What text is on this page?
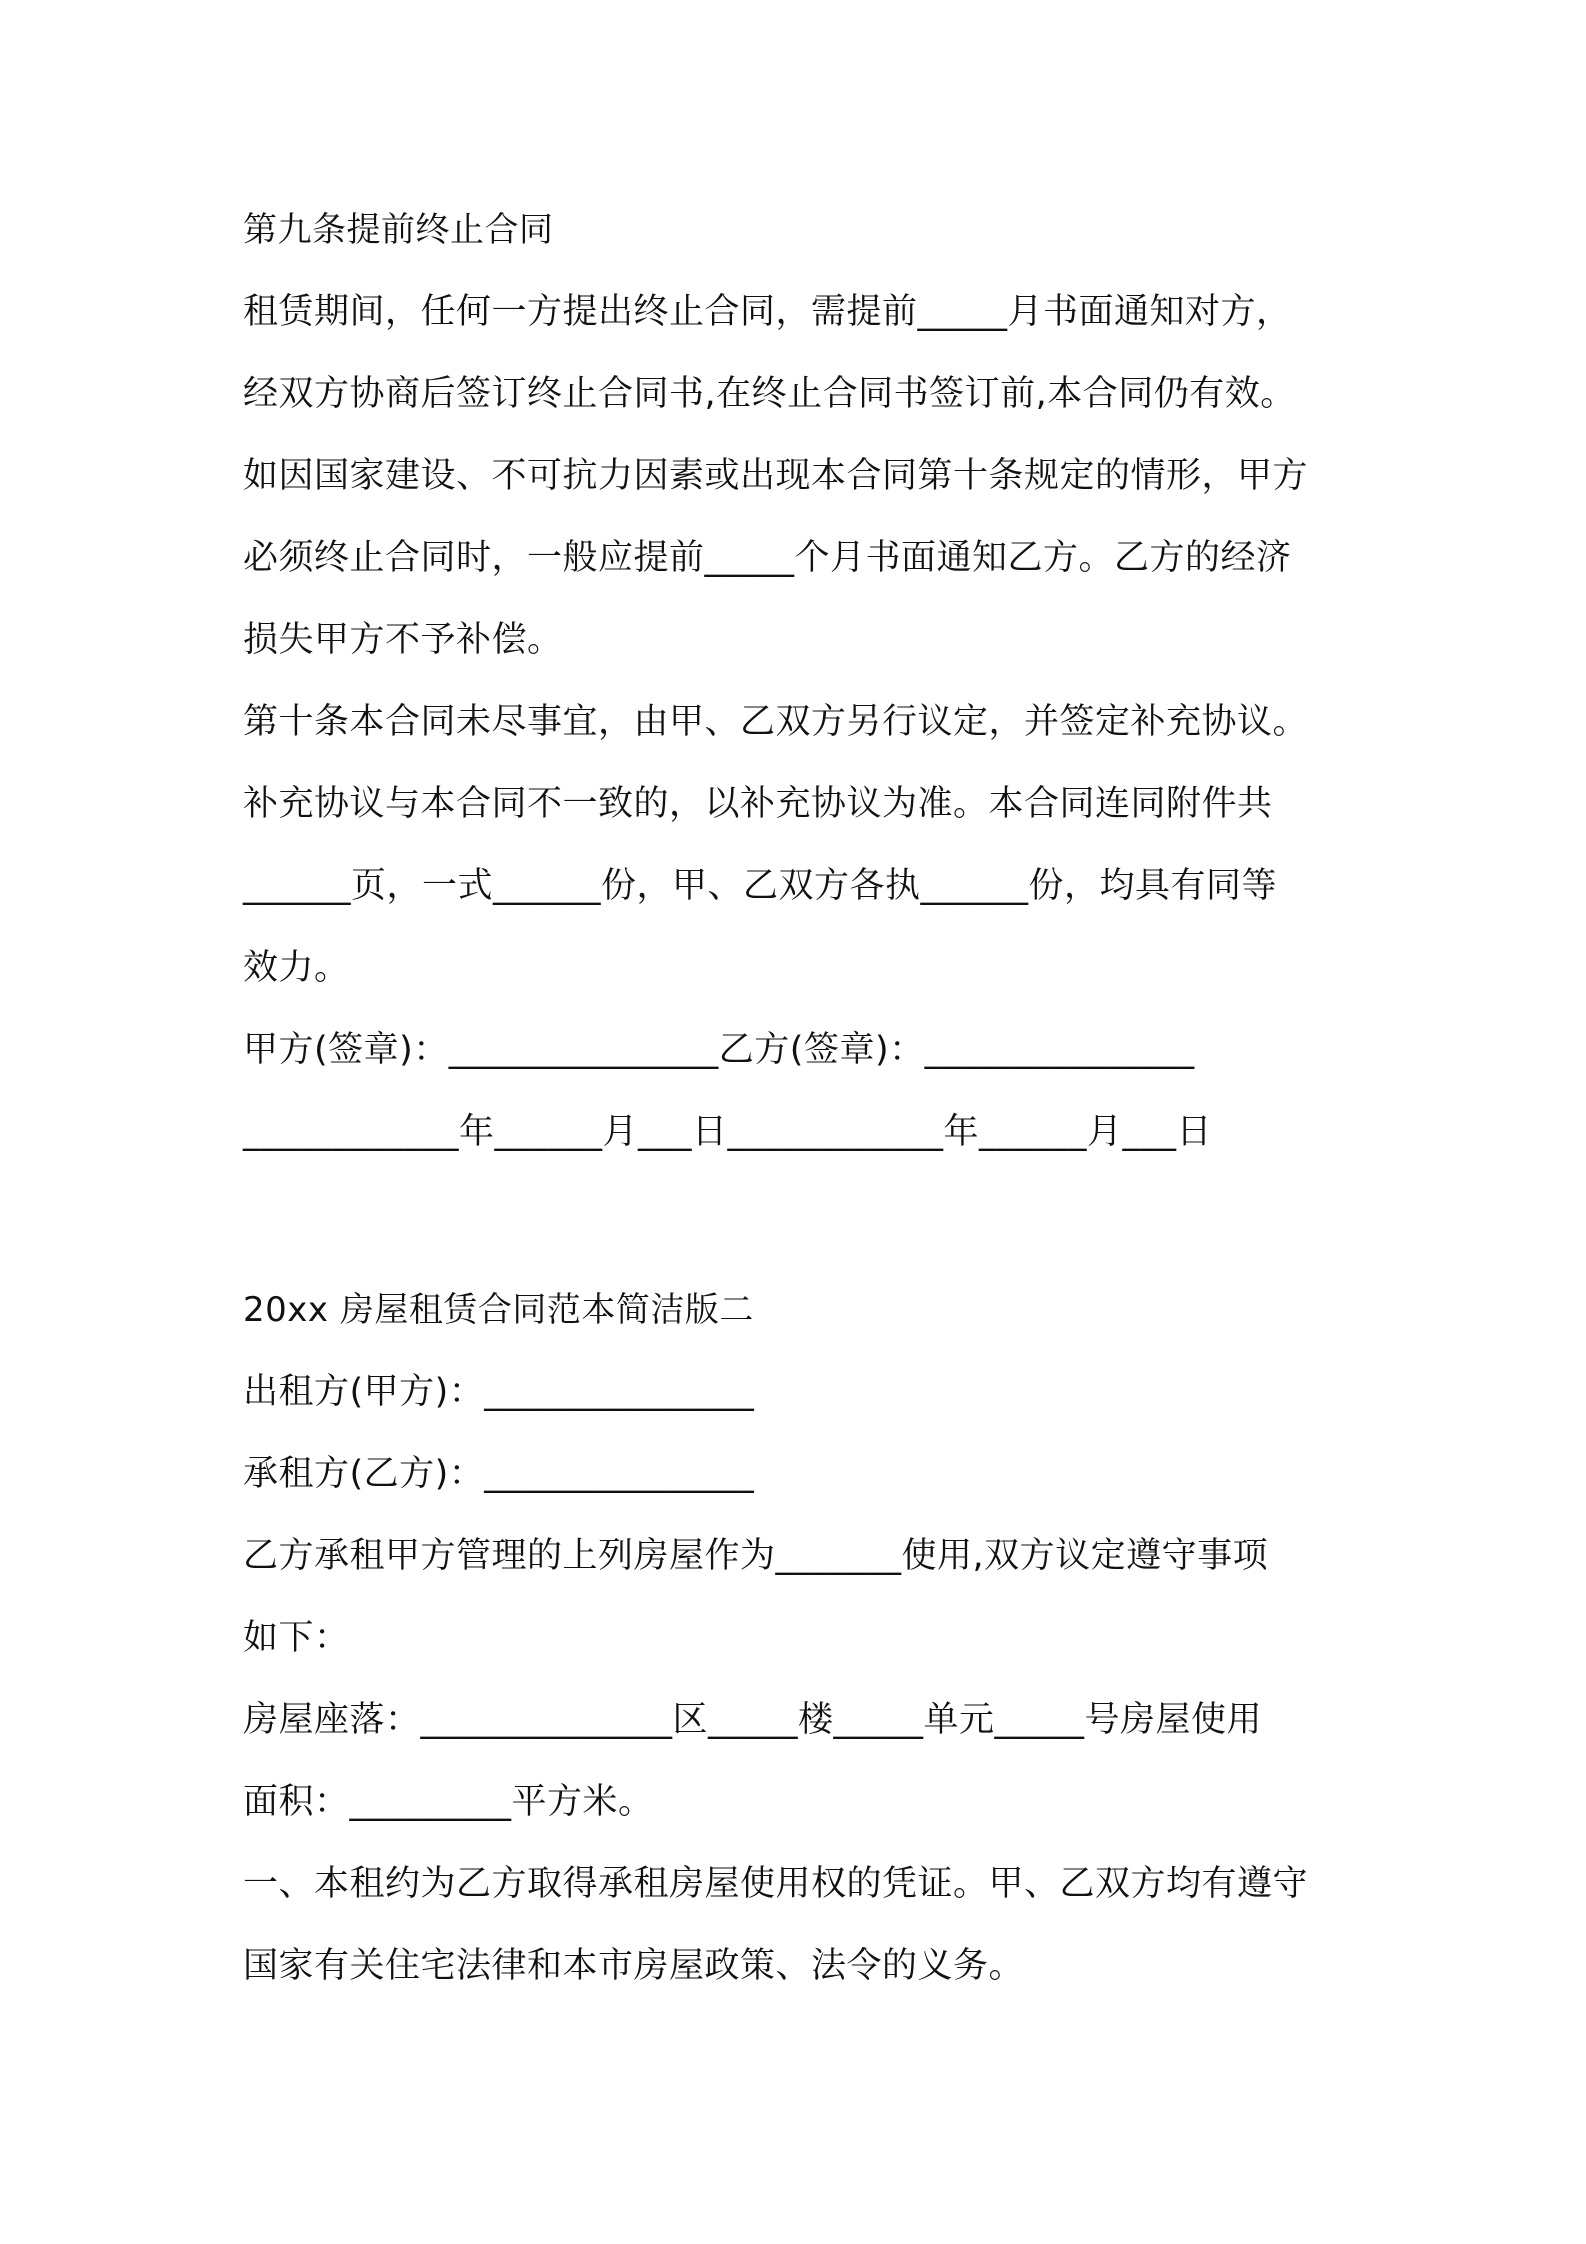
第九条提前终止合同
租赁期间，任何一方提出终止合同，需提前_____月书面通知对方，
经双方协商后签订终止合同书,在终止合同书签订前,本合同仍有效。
如因国家建设、不可抗力因素或出现本合同第十条规定的情形，甲方
必须终止合同时，一般应提前_____个月书面通知乙方。乙方的经济
损失甲方不予补偿。
第十条本合同未尽事宜，由甲、乙双方另行议定，并签定补充协议。
补充协议与本合同不一致的，以补充协议为准。本合同连同附件共
______页，一式______份，甲、乙双方各执______份，均具有同等
效力。
甲方(签章)：_______________乙方(签章)：_______________
____________年______月___日____________年______月___日
20xx 房屋租赁合同范本简洁版二
出租方(甲方)：_______________
承租方(乙方)：_______________
乙方承租甲方管理的上列房屋作为_______使用,双方议定遵守事项
如下：
房屋座落：______________区_____楼_____单元_____号房屋使用
面积：_________平方米。
一、本租约为乙方取得承租房屋使用权的凭证。甲、乙双方均有遵守
国家有关住宅法律和本市房屋政策、法令的义务。
